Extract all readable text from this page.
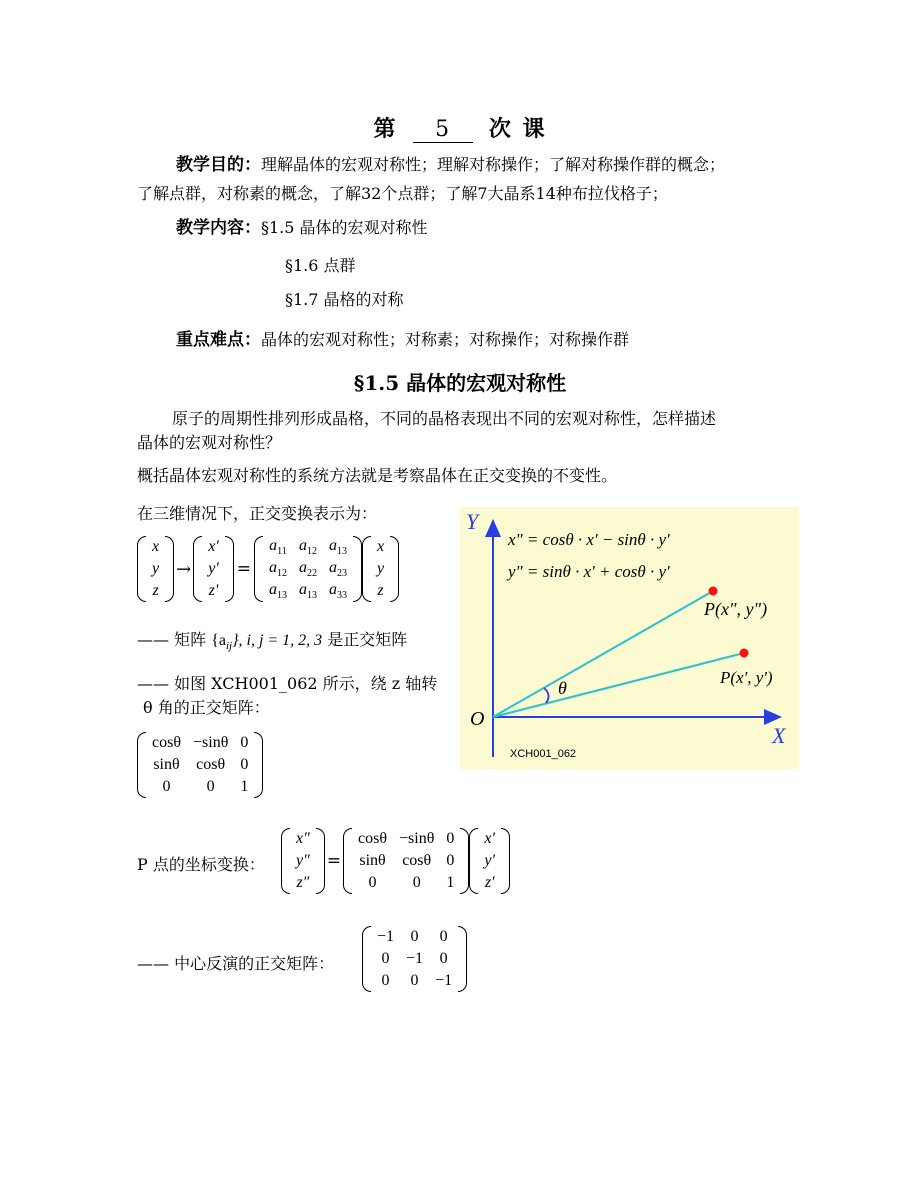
第 5 次 课
教学目的：理解晶体的宏观对称性；理解对称操作；了解对称操作群的概念；
了解点群，对称素的概念，了解32个点群；了解7大晶系14种布拉伐格子；
教学内容：§1.5 晶体的宏观对称性
§1.6 点群
§1.7 晶格的对称
重点难点：晶体的宏观对称性；对称素；对称操作；对称操作群
§1.5 晶体的宏观对称性
原子的周期性排列形成晶格，不同的晶格表现出不同的宏观对称性，怎样描述
晶体的宏观对称性？
概括晶体宏观对称性的系统方法就是考察晶体在正交变换的不变性。
在三维情况下，正交变换表示为：
x
y
z
→
x'
y'
z'
=
$a_{11}$	$a_{12}$	$a_{13}$
$a_{12}$	$a_{22}$	$a_{23}$
$a_{13}$	$a_{13}$	$a_{33}$
x
y
z
—— 矩阵 $\{a_{ij}\}$, i, j = 1, 2, 3 是正交矩阵
—— 如图 XCH001_062 所示，绕 z 轴转
θ 角的正交矩阵：
cosθ	−sinθ	0
sinθ	cosθ	0
0	0	1
P 点的坐标变换：
x″
y″
z″
=
cosθ	−sinθ	0
sinθ	cosθ	0
0	0	1
x′
y′
z′
—— 中心反演的正交矩阵：
−1	0	0
0	−1	0
0	0	−1
Y
X
O
θ
x" = cosθ · x' − sinθ · y'
y" = sinθ · x' + cosθ · y'
P(x", y")
P(x', y')
XCH001_062
